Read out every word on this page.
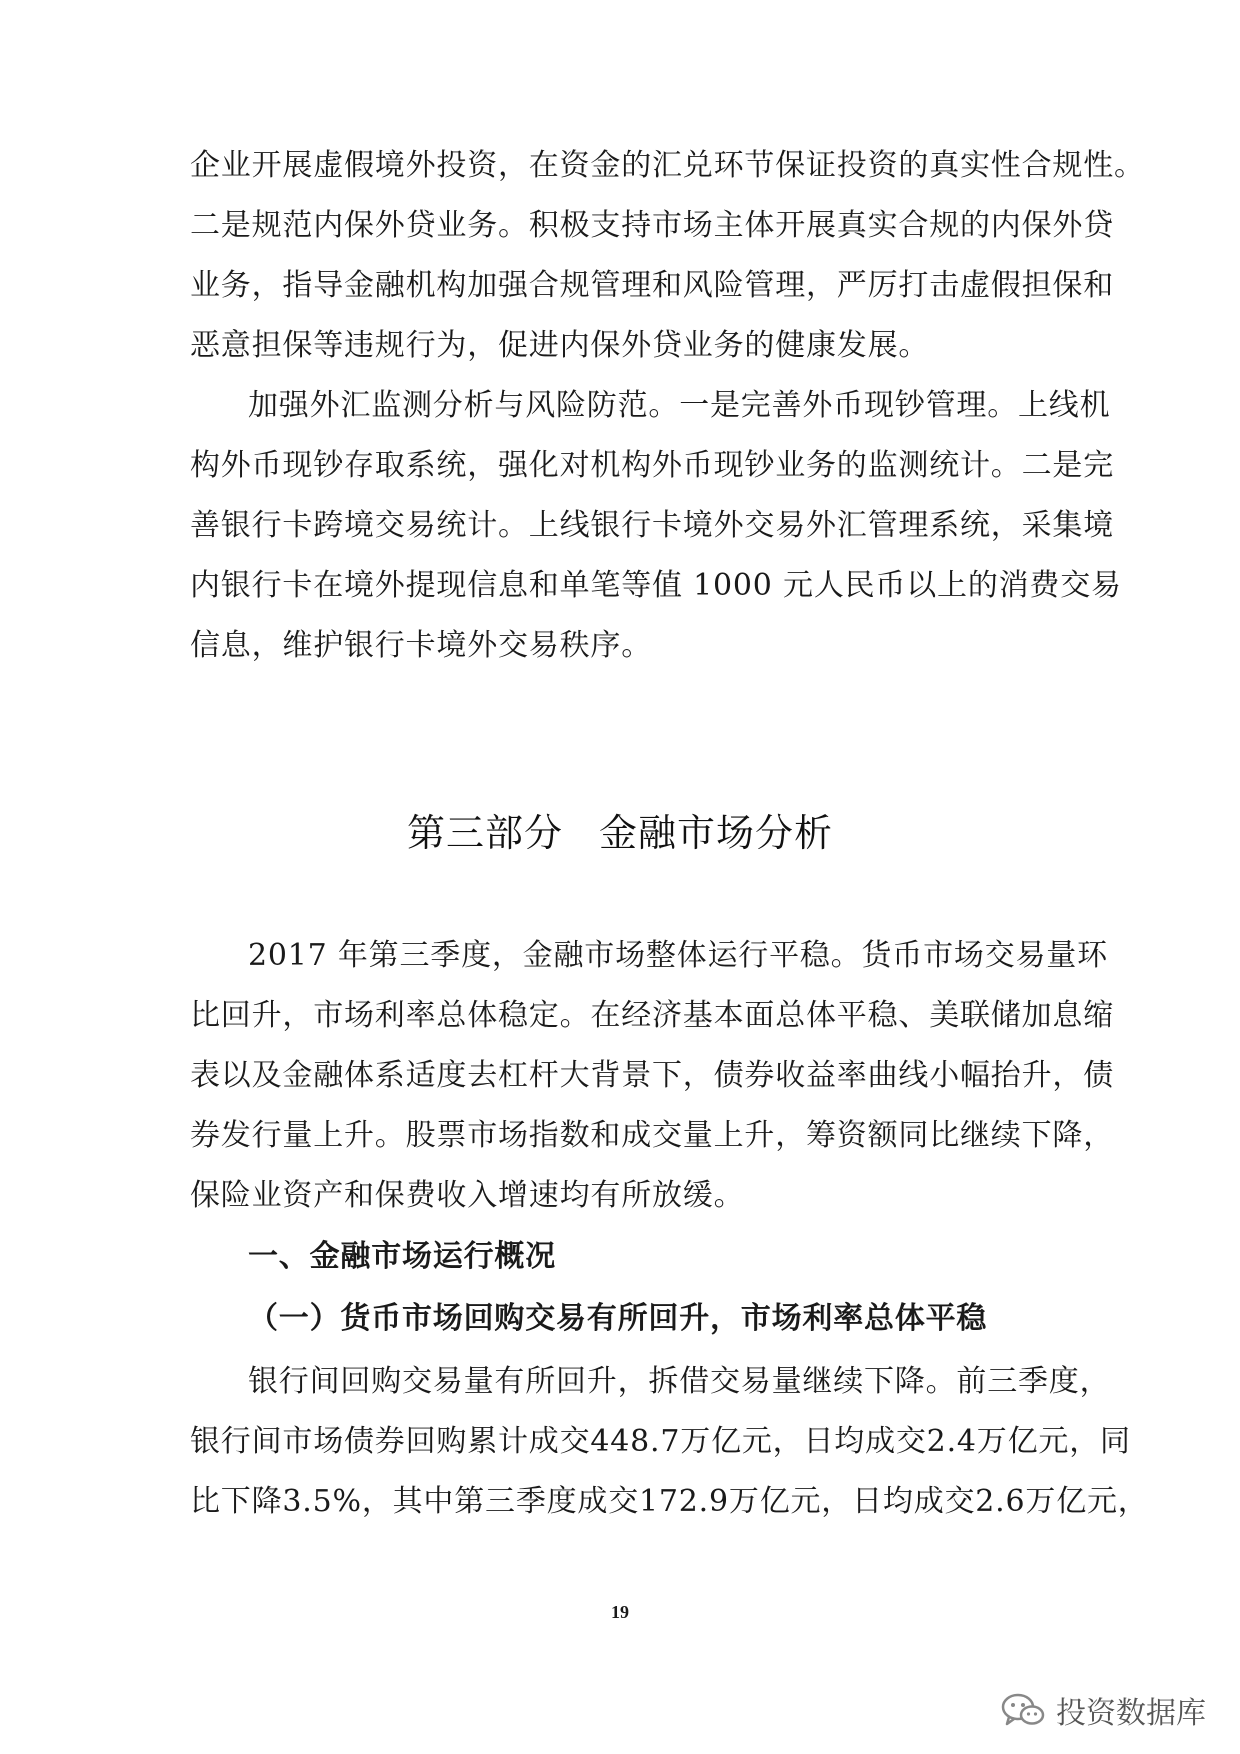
企业开展虚假境外投资，在资金的汇兑环节保证投资的真实性合规性。
二是规范内保外贷业务。积极支持市场主体开展真实合规的内保外贷
业务，指导金融机构加强合规管理和风险管理，严厉打击虚假担保和
恶意担保等违规行为，促进内保外贷业务的健康发展。
加强外汇监测分析与风险防范。一是完善外币现钞管理。上线机
构外币现钞存取系统，强化对机构外币现钞业务的监测统计。二是完
善银行卡跨境交易统计。上线银行卡境外交易外汇管理系统，采集境
内银行卡在境外提现信息和单笔等值 1000 元人民币以上的消费交易
信息，维护银行卡境外交易秩序。
第三部分 金融市场分析
2017 年第三季度，金融市场整体运行平稳。货币市场交易量环
比回升，市场利率总体稳定。在经济基本面总体平稳、美联储加息缩
表以及金融体系适度去杠杆大背景下，债券收益率曲线小幅抬升，债
券发行量上升。股票市场指数和成交量上升，筹资额同比继续下降，
保险业资产和保费收入增速均有所放缓。
一、金融市场运行概况
（一）货币市场回购交易有所回升，市场利率总体平稳
银行间回购交易量有所回升，拆借交易量继续下降。前三季度，
银行间市场债券回购累计成交448.7万亿元，日均成交2.4万亿元，同
比下降3.5%，其中第三季度成交172.9万亿元，日均成交2.6万亿元，
19
投资数据库
